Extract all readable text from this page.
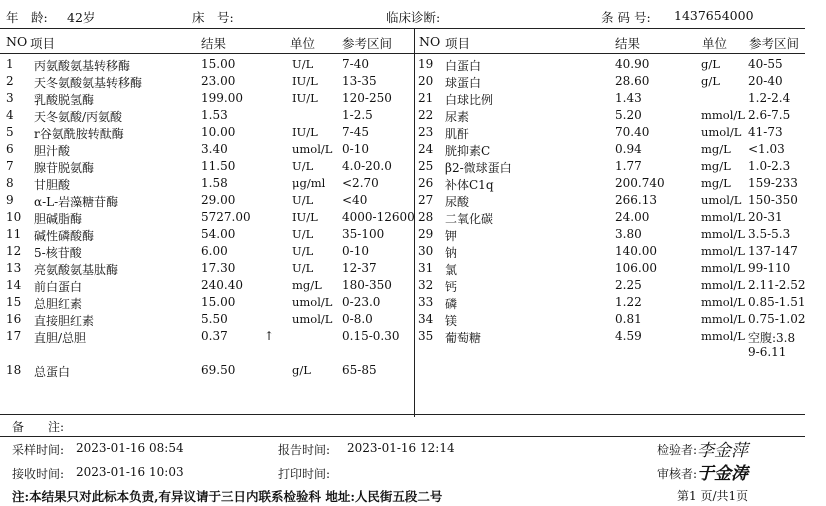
年　龄: 42岁	床　号:	临床诊断:	条 码 号: 1437654000
NO 项目	结果	单位 参考区间 NO 项目	结果	单位 参考区间
1 丙氨酸氨基转移酶	15.00	U/L 7-40
2 天冬氨酸氨基转移酶	23.00	IU/L 13-35
3 乳酸脱氢酶	199.00	IU/L 120-250
4 天冬氨酸/丙氨酸	1.53	1-2.5
5 r谷氨酰胺转酞酶	10.00	IU/L 7-45
6 胆汁酸	3.40	umol/L 0-10
7 腺苷脱氨酶	11.50	U/L 4.0-20.0
8 甘胆酸	1.58	μg/ml <2.70
9 α-L-岩藻糖苷酶	29.00	U/L <40
10 胆碱脂酶	5727.00	IU/L 4000-12600
11 碱性磷酸酶	54.00	U/L 35-100
12 5-核苷酸	6.00	U/L 0-10
13 亮氨酸氨基肽酶	17.30	U/L 12-37
14 前白蛋白	240.40	mg/L 180-350
15 总胆红素	15.00	umol/L 0-23.0
16 直接胆红素	5.50	umol/L 0-8.0
17 直胆/总胆	0.37	↑	0.15-0.30
18 总蛋白	69.50	g/L	65-85
19 白蛋白	40.90	g/L 40-55
20 球蛋白	28.60	g/L 20-40
21 白球比例	1.43	1.2-2.4
22 尿素	5.20	mmol/L 2.6-7.5
23 肌酐	70.40	umol/L 41-73
24 胱抑素C	0.94	mg/L <1.03
25 β2-微球蛋白	1.77	mg/L 1.0-2.3
26 补体C1q	200.740	mg/L 159-233
27 尿酸	266.13	umol/L 150-350
28 二氧化碳	24.00	mmol/L 20-31
29 钾	3.80	mmol/L 3.5-5.3
30 钠	140.00	mmol/L 137-147
31 氯	106.00	mmol/L 99-110
32 钙	2.25	mmol/L 2.11-2.52
33 磷	1.22	mmol/L 0.85-1.51
34 镁	0.81	mmol/L 0.75-1.02
35 葡萄糖	4.59	mmol/L 空腹:3.8
9-6.11
备　　注:
采样时间: 2023-01-16 08:54	报告时间: 2023-01-16 12:14	检验者: 李金萍
接收时间: 2023-01-16 10:03	打印时间:	审核者: 于金涛
注:本结果只对此标本负责,有异议请于三日内联系检验科 地址:人民街五段二号	第1 页/共1页
